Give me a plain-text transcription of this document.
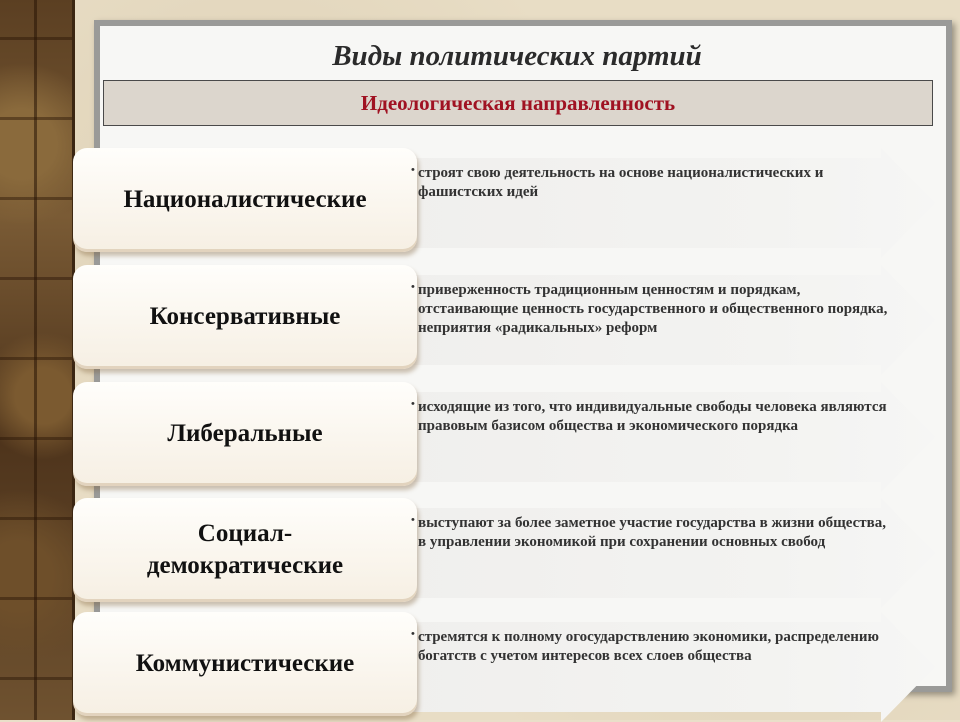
Виды политических партий
Идеологическая направленность
Националистические
• строят свою деятельность на основе националистических и фашистских идей
Консервативные
• приверженность традиционным ценностям и порядкам, отстаивающие ценность государственного и общественного порядка, неприятия «радикальных» реформ
Либеральные
• исходящие из того, что индивидуальные свободы человека являются правовым базисом общества и экономического порядка
Социал-демократические
• выступают за более заметное участие государства в жизни общества, в управлении экономикой при сохранении основных свобод
Коммунистические
• стремятся к полному огосударствлению экономики, распределению богатств с учетом интересов всех слоев общества
